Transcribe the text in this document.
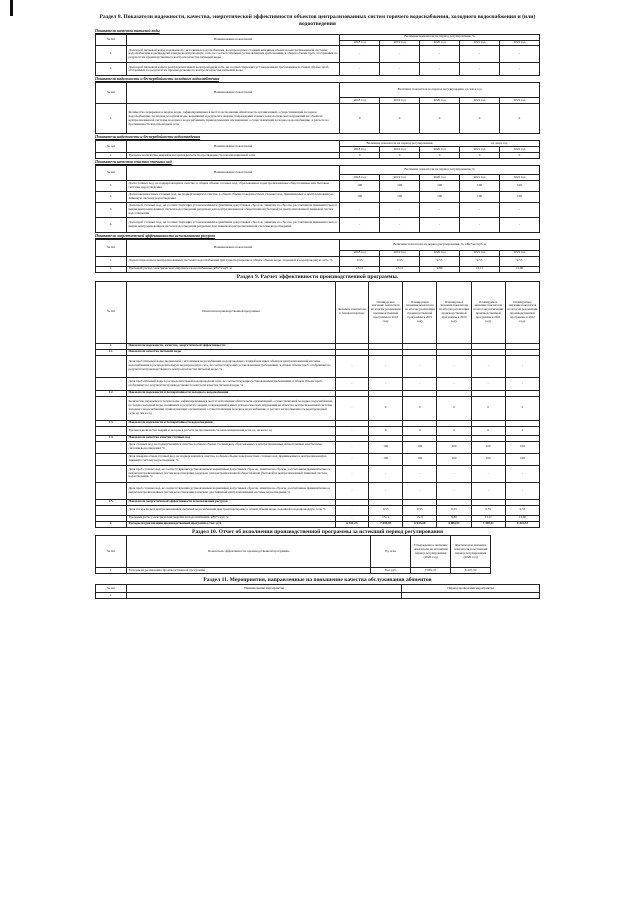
Раздел 8. Показатели надежности, качества, энергетической эффективности объектов централизованных систем горячего водоснабжения, холодного водоснабжения и (или) водоотведения
Показатели качества питьевой воды
№ п/п	Наименование показателей	Величина показателя на период регулирования, %				
		2018 год	2019 год	2020 год	2021 год	2022 год
1.	Доля проб питьевой воды, подаваемой с источников водоснабжения, водопроводных станций или иных объектов централизованной системы водоснабжения в распределительную водопроводную сеть, не соответствующих установленным требованиям, в общем объеме проб, отобранных по результатам производственного контроля качества питьевой воды	-	-	-	-	-
2.	Доля проб питьевой воды в распределительной водопроводной сети, не соответствующих установленным требованиям, в общем объеме проб, отобранных по результатам производственного контроля качества питьевой воды	-	-	-	-	-
Показатели надежности и бесперебойности холодного водоснабжения
№ п/п	Наименование показателей	Величина показателя на период регулирования, ед./км в год				
		2018 год	2019 год	2020 год	2021 год	2022 год
1.	Количество перерывов в подаче воды, зафиксированных в местах исполнения обязательств организацией, осуществляющей холодное водоснабжение, по подаче холодной воды, возникших в результате аварий, повреждений и иных технологических нарушений на объектах централизованной системы холодного водоснабжения, принадлежащих организации, осуществляющей холодное водоснабжение, в расчете на протяженность водопроводной сети	0	0	0	0	0
Показатели надежности и бесперебойности водоотведения
№ п/п	Наименование показателей	Величина показателя на период регулирования,			ед./км в год	
		2018 год	2019 год	2020 год	2021 год	2022 год
1.	Удельное количество аварий и засоров в расчете на протяженность канализационной сети	0	0	0	0	0
Показатели качества очистки сточных вод
№ п/п	Наименование показателей	Величина показателя на период регулирования, %				
		2018 год	2019 год	2020 год	2021 год	2022 год
1.	Доля сточных вод, не подвергающихся очистке, в общем объеме сточных вод, сбрасываемых в централизованные общесплавные или бытовые системы водоотведения	100	100	100	100	100
2.	Доля поверхностных сточных вод, не подвергающихся очистке, в общем объеме поверхностных сточных вод, принимаемых в централизованную ливневую систему водоотведения	100	100	100	100	100
3.	Доля проб сточных вод, не соответствующих установленным нормативам допустимых сбросов, лимитам на сбросы, рассчитанная применительно к видам централизованных систем водоотведения раздельно для централизованной общесплавной (бытовой) и централизованной ливневой систем водоотведения	-	-	-	-	-
4.	Доля проб сточных вод, не соответствующих установленным нормативам допустимых сбросов, лимитам на сбросы, рассчитанная применительно к видам централизованных систем водоотведения раздельно для ливневой централизованной системы водоотведения	-	-	-	-	-
Показатели энергетической эффективности использования ресурсов
№ п/п	Наименование показателей	Величина показателя на период регулирования, %, кВт*час/куб. м				
		2018 год	2019 год	2020 год	2021 год	2022 год
1.	Доля потерь воды в централизованных системах водоснабжения при транспортировке в общем объеме воды, поданной в водопроводную сеть, %	0,55	0,55	0,55	0,55	0,55
2.	Удельный расход электрической энергии на водоснабжение, кВт*ч/куб. м	13,11	13,11	9,80	13,11	13,00
Раздел 9. Расчет эффективности производственной программы.
№ п/п	Показатели производственной программы	Значение показателя в базовом периоде	Планируемое значение показателя по итогам реализации производственной программы в 2018 году	Планируемое значение показателя по итогам реализации производственной программы в 2019 году	Планируемое значение показателя по итогам реализации производственной программы в 2020 году	Планируемое значение показателя по итогам реализации производственной программы в 2021 году	Планируемое значение показателя по итогам реализации производственной программы в 2022 году
1.	Показатели надежности, качества, энергетической эффективности:						
1.1.	Показатели качества питьевой воды						
	Доля проб питьевой воды, подаваемой с источников водоснабжения, водопроводных станций или иных объектов централизованной системы водоснабжения в распределительную водопроводную сеть, не соответствующих установленным требованиям, в общем объеме проб, отобранных по результатам производственного контроля качества питьевой воды, %	-	-	-	-	-	-
	Доля проб питьевой воды в распределительной водопроводной сети, не соответствующих установленным требованиям, в общем объеме проб, отобранных по результатам производственного контроля качества питьевой воды, %	-	-	-	-	-	-
1.2.	Показатели надежности и бесперебойности холодного водоснабжения						
	Количество перерывов в подаче воды, зафиксированных в местах исполнения обязательств организацией, осуществляющей холодное водоснабжение, по подаче холодной воды, возникших в результате аварий, повреждений и иных технологических нарушений на объектах централизованной системы холодного водоснабжения, принадлежащих организации, осуществляющей холодное водоснабжение, в расчете на протяженность водопроводной сети, ед./км в год	-	0	0	0	0	0
1.3.	Показатели надежности и бесперебойности водоотведения						
	Удельное количество аварий и засоров в расчете на протяженность канализационной сети, ед. на км в год	-	0	0	0	0	0
1.4.	Показатели качества очистки сточных вод						
	Доля сточных вод, не подвергающихся очистке, в общем объеме сточных вод, сбрасываемых в централизованные общесплавные или бытовые системы водоотведения, %	-	100	100	100	100	100
	Доля поверхностных сточных вод, не подвергающихся очистке, в общем объеме поверхностных сточных вод, принимаемых в централизованную ливневую систему водоотведения, %	-	100	100	100	100	100
	Доля проб сточных вод, не соответствующих установленным нормативам допустимых сбросов, лимитам на сбросы, рассчитанная применительно к видам централизованных систем водоотведения раздельно для централизованной общесплавной (бытовой) и централизованной ливневой систем водоотведения, %	-	-	-	-	-	-
	Доля проб сточных вод, не соответствующих установленным нормативам допустимых сбросов, лимитам на сбросы, рассчитанная применительно к видам централизованных систем водоотведения раздельно для ливневой централизованной системы водоотведения, %	-	-	-	-	-	-
1.5.	Показатели энергетической эффективности использования ресурсов						
	Доля потерь воды в централизованных системах водоснабжения при транспортировке в общем объеме воды, поданной в водопроводную сеть, %	-	0,55	0,55	0,55	0,55	0,55
	Удельный расход электрической энергии на водоснабжение, кВт*ч/куб. м	-	13,11	13,11	9,80	13,11	13,00
2.	Расходы на реализацию производственной программы, тыс. руб.	6 341,23	7 039,95	6 943,68	6 084,51	7 390,11	6 423,33
Раздел 10. Отчет об исполнении производственной программы за истекший период регулирования
№ п/п	Показатель эффективности производственной программы	Ед. изм.	Утвержденное значение показателя на истекший период регулирования (2020 год)	Фактическое значение показателя за истекший период регулирования (2020 год)	
1.	Расходы на реализацию производственной программы	Тыс.руб.	7 081,31	8 207,59	
Раздел 11. Мероприятия, направленные на повышение качества обслуживания абонентов
№ п/п	Наименование мероприятия	Период проведения мероприятия
1.		
